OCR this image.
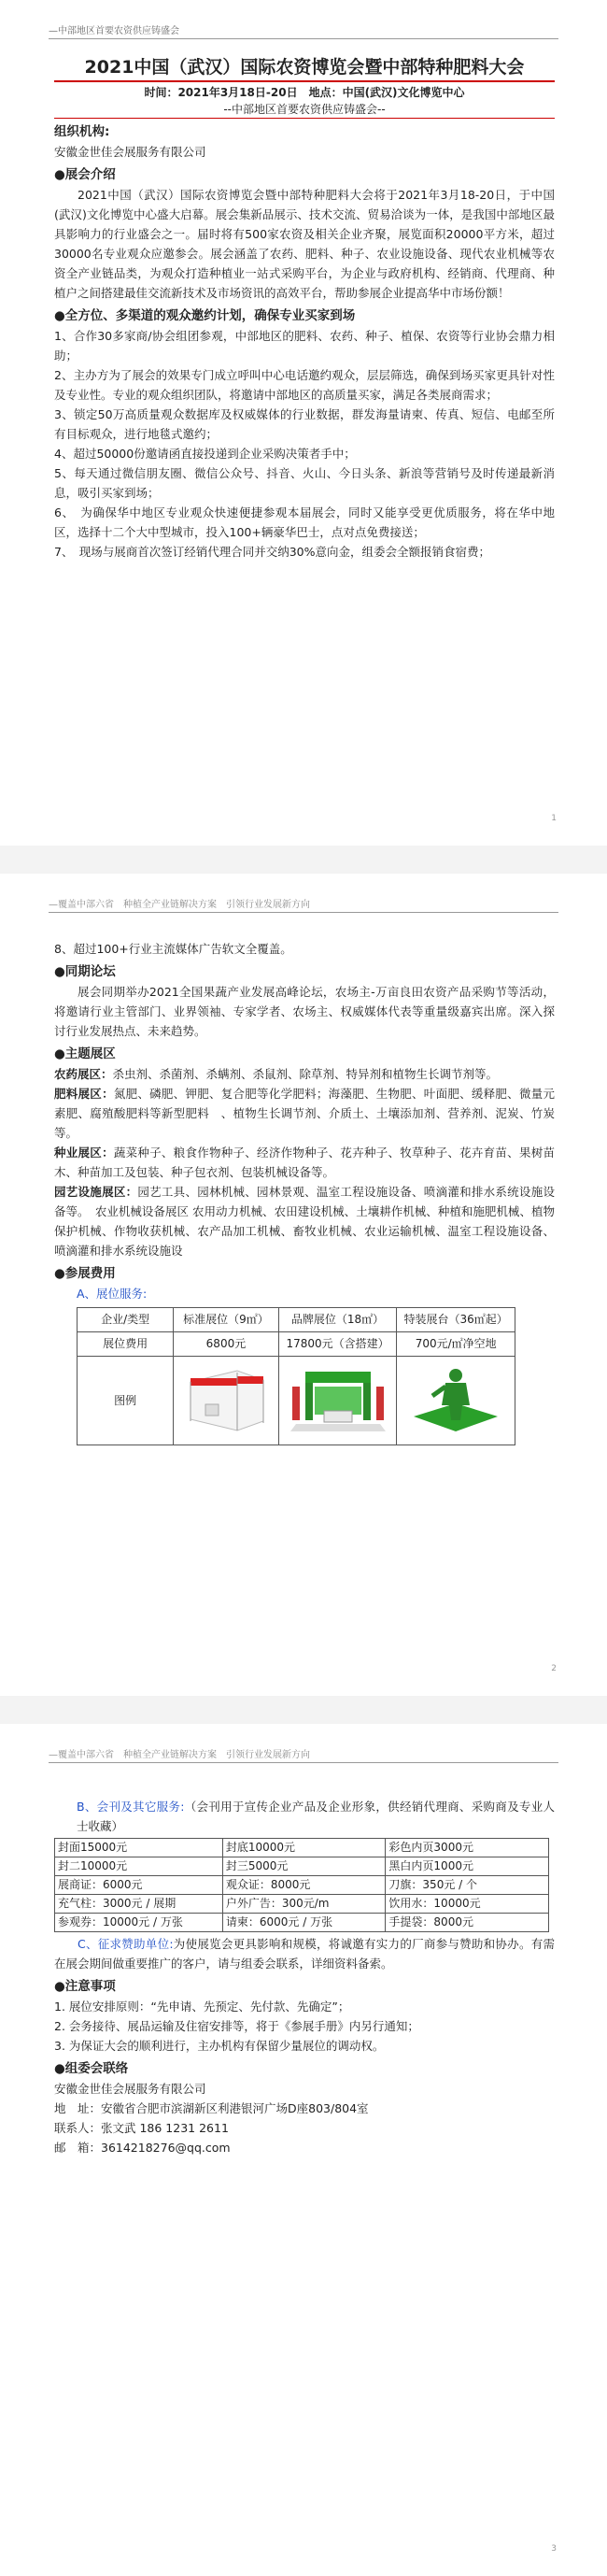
—中部地区首要农资供应铸盛会
2021中国（武汉）国际农资博览会暨中部特种肥料大会
时间：2021年3月18日-20日　地点：中国(武汉)文化博览中心
--中部地区首要农资供应铸盛会--
组织机构:

安徽金世佳会展服务有限公司

●展会介绍

2021中国（武汉）国际农资博览会暨中部特种肥料大会将于2021年3月18-20日，于中国(武汉)文化博览中心盛大启幕。展会集新品展示、技术交流、贸易洽谈为一体，是我国中部地区最具影响力的行业盛会之一。届时将有500家农资及相关企业齐聚，展览面积20000平方米，超过30000名专业观众应邀参会。展会涵盖了农药、肥料、种子、农业设施设备、现代农业机械等农资全产业链品类，为观众打造种植业一站式采购平台，为企业与政府机构、经销商、代理商、种植户之间搭建最佳交流新技术及市场资讯的高效平台，帮助参展企业提高华中市场份额！

●全方位、多渠道的观众邀约计划，确保专业买家到场

1、合作30多家商/协会组团参观，中部地区的肥料、农药、种子、植保、农资等行业协会鼎力相助；

2、主办方为了展会的效果专门成立呼叫中心电话邀约观众，层层筛选，确保到场买家更具针对性及专业性。专业的观众组织团队，将邀请中部地区的高质量买家，满足各类展商需求；

3、锁定50万高质量观众数据库及权威媒体的行业数据，群发海量请柬、传真、短信、电邮至所有目标观众，进行地毯式邀约；

4、超过50000份邀请函直接投递到企业采购决策者手中；

5、每天通过微信朋友圈、微信公众号、抖音、火山、今日头条、新浪等营销号及时传递最新消息，吸引买家到场；

6、　为确保华中地区专业观众快速便捷参观本届展会，同时又能享受更优质服务，将在华中地区，选择十二个大中型城市，投入100+辆豪华巴士，点对点免费接送；

7、　现场与展商首次签订经销代理合同并交纳30%意向金，组委会全额报销食宿费；

1
—覆盖中部六省　种植全产业链解决方案　引领行业发展新方向

8、超过100+行业主流媒体广告软文全覆盖。

●同期论坛

展会同期举办2021全国果蔬产业发展高峰论坛，农场主-万亩良田农资产品采购节等活动，将邀请行业主管部门、业界领袖、专家学者、农场主、权威媒体代表等重量级嘉宾出席。深入探讨行业发展热点、未来趋势。

●主题展区

农药展区：杀虫剂、杀菌剂、杀螨剂、杀鼠剂、除草剂、特异剂和植物生长调节剂等。

肥料展区：氮肥、磷肥、钾肥、复合肥等化学肥料；海藻肥、生物肥、叶面肥、缓释肥、微量元素肥、腐殖酸肥料等新型肥料　、植物生长调节剂、介质土、土壤添加剂、营养剂、泥炭、竹炭等。

种业展区：蔬菜种子、粮食作物种子、经济作物种子、花卉种子、牧草种子、花卉育苗、果树苗木、种苗加工及包装、种子包衣剂、包装机械设备等。

园艺设施展区：园艺工具、园林机械、园林景观、温室工程设施设备、喷滴灌和排水系统设施设备等。　农业机械设备展区 农用动力机械、农田建设机械、土壤耕作机械、种植和施肥机械、植物保护机械、作物收获机械、农产品加工机械、畜牧业机械、农业运输机械、温室工程设施设备、喷滴灌和排水系统设施设

●参展费用

A、展位服务:

企业/类型	标准展位（9㎡）	品牌展位（18㎡）	特装展台（36㎡起）
展位费用	6800元	17800元（含搭建）	700元/㎡净空地
图例			
2
—覆盖中部六省　种植全产业链解决方案　引领行业发展新方向

B、会刊及其它服务:（会刊用于宣传企业产品及企业形象，供经销代理商、采购商及专业人士收藏）

封面15000元	封底10000元	彩色内页3000元
封二10000元	封三5000元	黑白内页1000元
展商证：6000元	观众证：8000元	刀旗：350元 / 个
充气柱：3000元 / 展期	户外广告：300元/m	饮用水：10000元
参观券：10000元 / 万张	请柬：6000元 / 万张	手提袋：8000元

C、征求赞助单位:为使展览会更具影响和规模，将诚邀有实力的厂商参与赞助和协办。有需在展会期间做重要推广的客户，请与组委会联系，详细资料备索。

●注意事项

1. 展位安排原则：“先申请、先预定、先付款、先确定”；

2. 会务接待、展品运输及住宿安排等，将于《参展手册》内另行通知；

3. 为保证大会的顺利进行，主办机构有保留少量展位的调动权。

●组委会联络

安徽金世佳会展服务有限公司

地　址：安徽省合肥市滨湖新区利港银河广场D座803/804室

联系人：张文武 186 1231 2611

邮　箱：3614218276@qq.com

3
